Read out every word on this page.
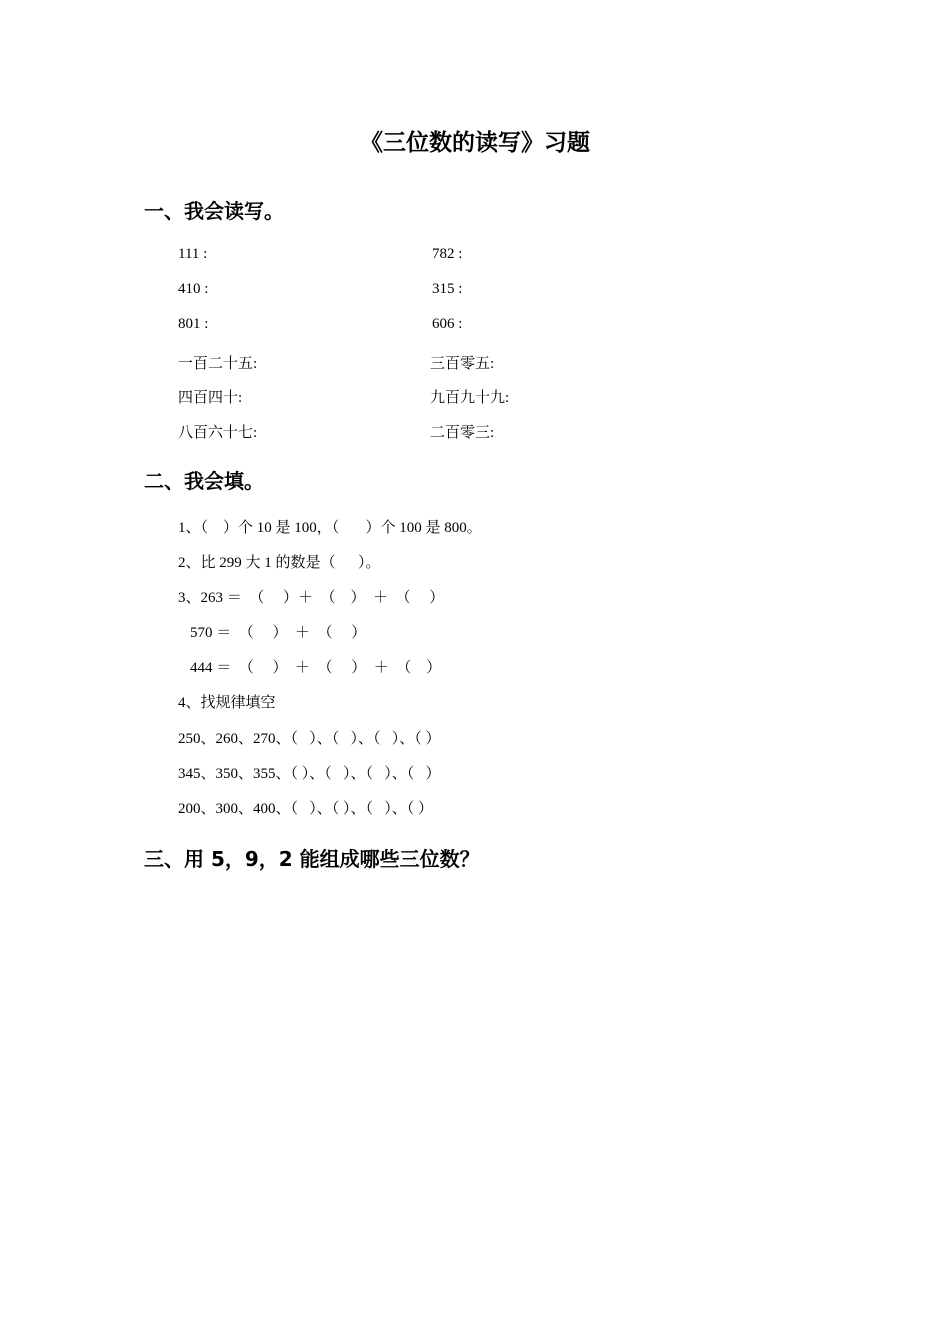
《三位数的读写》习题
一、我会读写。
111 :	782 :
410 :	315 :
801 :	606 :
一百二十五:	三百零五:
四百四十:	九百九十九:
八百六十七:	二百零三:
二、我会填。
1、（    ）个 10 是 100，（       ）个 100 是 800。
2、比 299 大 1 的数是（      ）。
3、263 ＝  （     ）＋  （    ）  ＋  （     ）
570 ＝  （     ）  ＋  （     ）
444 ＝  （     ）  ＋  （     ）  ＋  （    ）
4、找规律填空
250、260、270、（   ）、（   ）、（   ）、（ ）
345、350、355、（ ）、（   ）、（   ）、（   ）
200、300、400、（   ）、（ ）、（   ）、（ ）
三、用 5，9，2 能组成哪些三位数？
